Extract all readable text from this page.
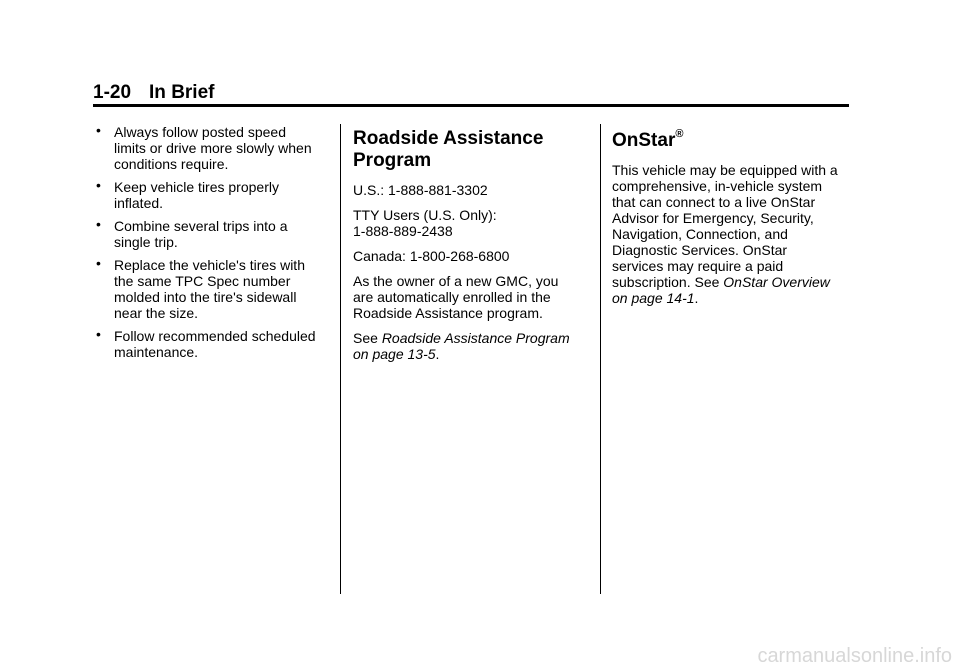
1-20 In Brief
• Always follow posted speed
limits or drive more slowly when
conditions require.
• Keep vehicle tires properly
inflated.
• Combine several trips into a
single trip.
• Replace the vehicle's tires with
the same TPC Spec number
molded into the tire's sidewall
near the size.
• Follow recommended scheduled
maintenance.
Roadside Assistance
Program

U.S.: 1-888-881-3302

TTY Users (U.S. Only):
1-888-889-2438

Canada: 1-800-268-6800

As the owner of a new GMC, you
are automatically enrolled in the
Roadside Assistance program.

See Roadside Assistance Program
on page 13-5.

OnStar®

This vehicle may be equipped with a
comprehensive, in-vehicle system
that can connect to a live OnStar
Advisor for Emergency, Security,
Navigation, Connection, and
Diagnostic Services. OnStar
services may require a paid
subscription. See OnStar Overview
on page 14-1.

carmanualsonline.info
